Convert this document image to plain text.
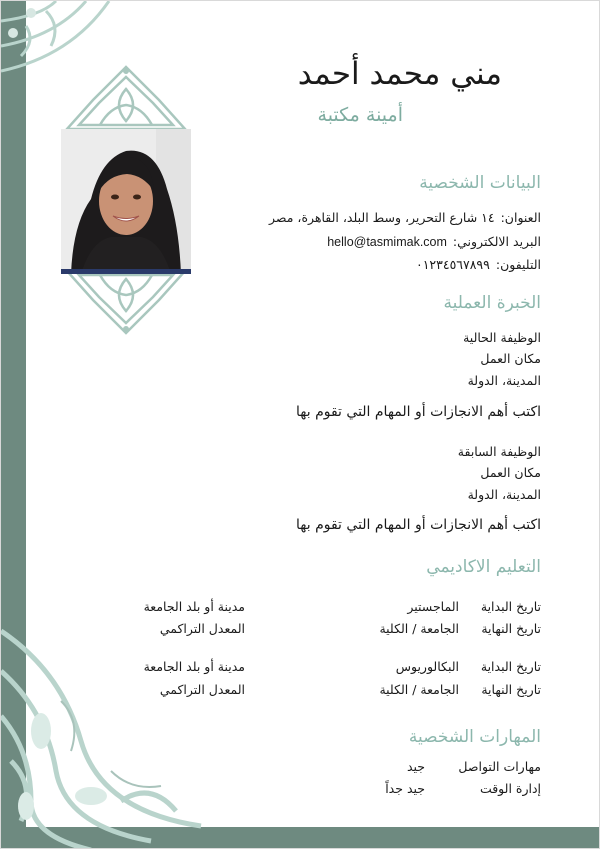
مني محمد أحمد
أمينة مكتبة
البيانات الشخصية
العنوان:١٤ شارع التحرير، وسط البلد، القاهرة، مصر
البريد الالكتروني:hello@tasmimak.com
التليفون:٠١٢٣٤٥٦٧٨٩٩
الخبرة العملية
الوظيفة الحالية
مكان العمل
المدينة، الدولة
اكتب أهم الانجازات أو المهام التي تقوم بها
الوظيفة السابقة
مكان العمل
المدينة، الدولة
اكتب أهم الانجازات أو المهام التي تقوم بها
التعليم الاكاديمي
تاريخ البداية
الماجستير
مدينة أو بلد الجامعة
تاريخ النهاية
الجامعة / الكلية
المعدل التراكمي
تاريخ البداية
البكالوريوس
مدينة أو بلد الجامعة
تاريخ النهاية
الجامعة / الكلية
المعدل التراكمي
المهارات الشخصية
مهارات التواصل
جيد
إدارة الوقت
جيد جداً
